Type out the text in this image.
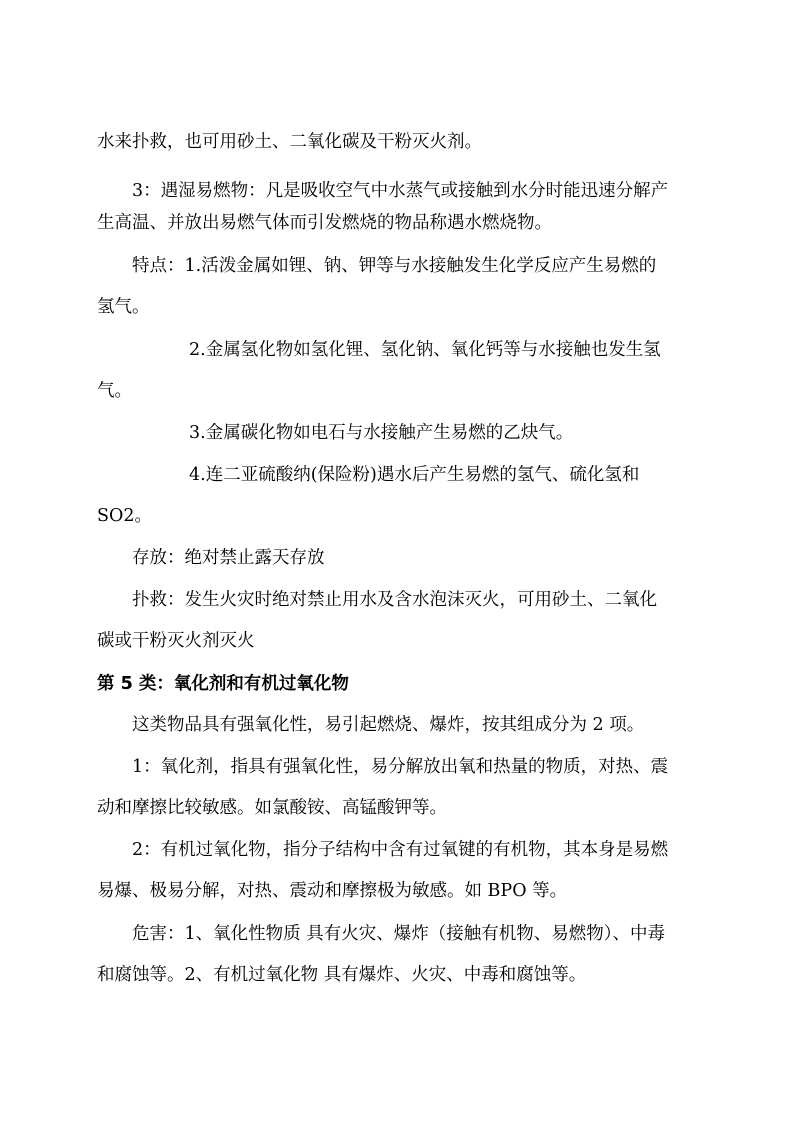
水来扑救，也可用砂土、二氧化碳及干粉灭火剂。
3：遇湿易燃物：凡是吸收空气中水蒸气或接触到水分时能迅速分解产
生高温、并放出易燃气体而引发燃烧的物品称遇水燃烧物。
特点：1.活泼金属如锂、钠、钾等与水接触发生化学反应产生易燃的
氢气。
2.金属氢化物如氢化锂、氢化钠、氧化钙等与水接触也发生氢
气。
3.金属碳化物如电石与水接触产生易燃的乙炔气。
4.连二亚硫酸纳(保险粉)遇水后产生易燃的氢气、硫化氢和
SO2。
存放：绝对禁止露天存放
扑救：发生火灾时绝对禁止用水及含水泡沫灭火，可用砂土、二氧化
碳或干粉灭火剂灭火
第 5 类：氧化剂和有机过氧化物
这类物品具有强氧化性，易引起燃烧、爆炸，按其组成分为 2 项。
1：氧化剂，指具有强氧化性，易分解放出氧和热量的物质，对热、震
动和摩擦比较敏感。如氯酸铵、高锰酸钾等。
2：有机过氧化物，指分子结构中含有过氧键的有机物，其本身是易燃
易爆、极易分解，对热、震动和摩擦极为敏感。如 BPO 等。
危害：1、氧化性物质 具有火灾、爆炸（接触有机物、易燃物）、中毒
和腐蚀等。2、有机过氧化物 具有爆炸、火灾、中毒和腐蚀等。
